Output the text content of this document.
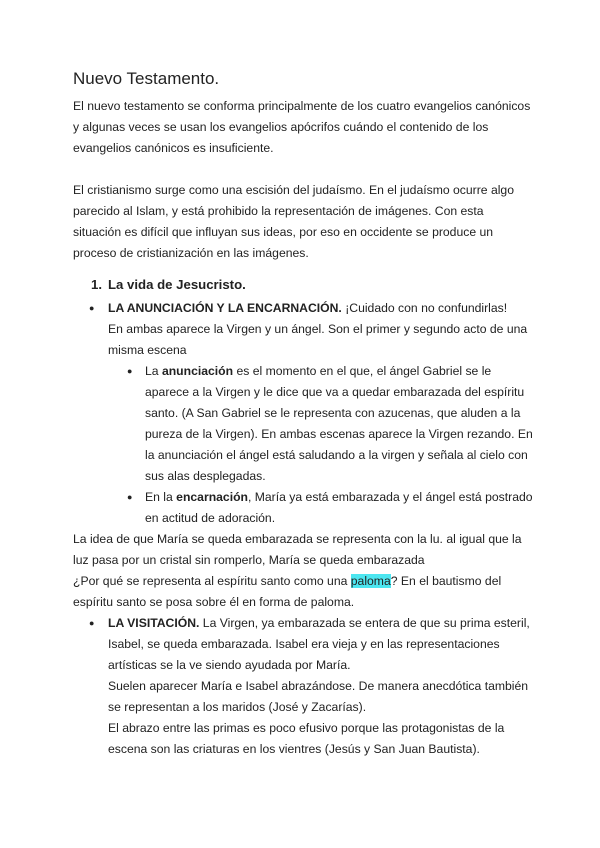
Nuevo Testamento.

El nuevo testamento se conforma principalmente de los cuatro evangelios canónicos y algunas veces se usan los evangelios apócrifos cuándo el contenido de los evangelios canónicos es insuficiente.

El cristianismo surge como una escisión del judaísmo. En el judaísmo ocurre algo parecido al Islam, y está prohibido la representación de imágenes. Con esta situación es difícil que influyan sus ideas, por eso en occidente se produce un proceso de cristianización en las imágenes.

1. La vida de Jesucristo.
● LA ANUNCIACIÓN Y LA ENCARNACIÓN. ¡Cuidado con no confundirlas!
En ambas aparece la Virgen y un ángel. Son el primer y segundo acto de una misma escena
● La anunciación es el momento en el que, el ángel Gabriel se le aparece a la Virgen y le dice que va a quedar embarazada del espíritu santo. (A San Gabriel se le representa con azucenas, que aluden a la pureza de la Virgen). En ambas escenas aparece la Virgen rezando. En la anunciación el ángel está saludando a la virgen y señala al cielo con sus alas desplegadas.
● En la encarnación, María ya está embarazada y el ángel está postrado en actitud de adoración.

La idea de que María se queda embarazada se representa con la lu. al igual que la luz pasa por un cristal sin romperlo, María se queda embarazada

¿Por qué se representa al espíritu santo como una paloma? En el bautismo del espíritu santo se posa sobre él en forma de paloma.

● LA VISITACIÓN. La Virgen, ya embarazada se entera de que su prima esteril, Isabel, se queda embarazada. Isabel era vieja y en las representaciones artísticas se la ve siendo ayudada por María.
Suelen aparecer María e Isabel abrazándose. De manera anecdótica también se representan a los maridos (José y Zacarías).
El abrazo entre las primas es poco efusivo porque las protagonistas de la escena son las criaturas en los vientres (Jesús y San Juan Bautista).
